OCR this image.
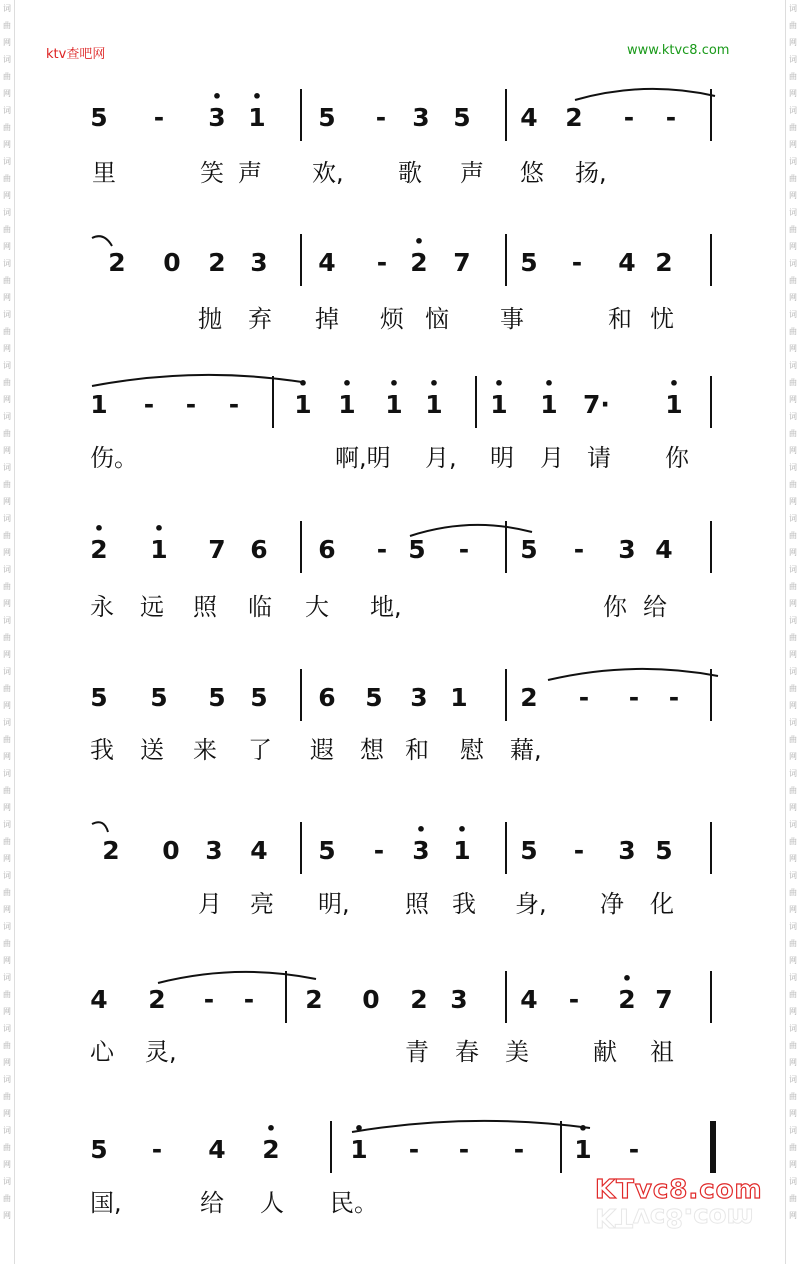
词曲网词曲网词曲网词曲网词曲网词曲网词曲网词曲网词曲网词曲网词曲网词曲网词曲网词曲网词曲网词曲网词曲网词曲网词曲网词曲网词曲网词曲网词曲网词曲网
词曲网词曲网词曲网词曲网词曲网词曲网词曲网词曲网词曲网词曲网词曲网词曲网词曲网词曲网词曲网词曲网词曲网词曲网词曲网词曲网词曲网词曲网词曲网词曲网
ktv查吧网	www.ktvc8.com
5 - 3
•
1
•
5 - 3 5 4 2 - -
里	笑 声 欢, 歌 声 悠 扬,
2 0 2 3 4 - 2
•
7 5 - 4 2
抛 弃 掉 烦 恼 事	和 忧
1 - - - 1
•
1
•
1
•
1
•
1
•
1
•
7· 1
•
伤。	啊,明 月, 明 月 请 你
2
•
1
•
7 6 6 - 5 - 5 - 3 4
永 远 照 临 大 地,	你 给
5 5 5 5 6 5 3 1 2 - - -
我 送 来 了 遐 想 和 慰 藉,
2 0 3 4 5 - 3
•
1
•
5 - 3 5
月 亮 明, 照 我 身, 净 化
4 2 - - 2 0 2 3 4 - 2
•
7
心 灵,	青 春 美	献 祖
5 - 4 2
•
1
•
- - - 1
•
-
国,	给 人 民。	KTvc8.com
KTvc8.com
